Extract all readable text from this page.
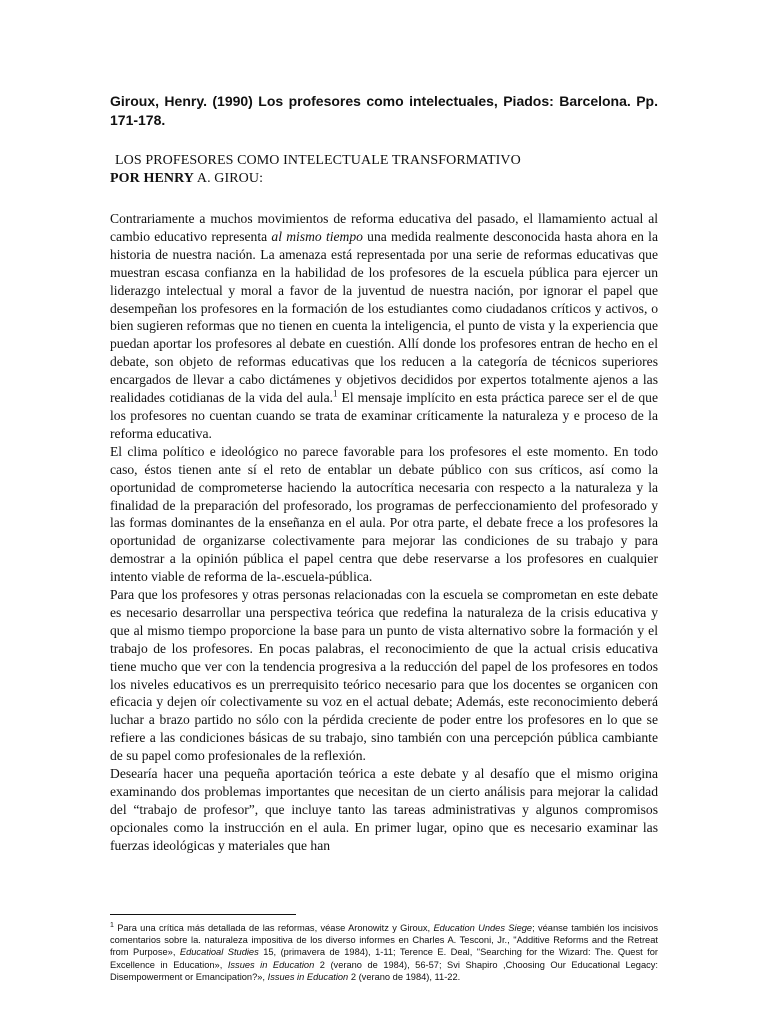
Giroux, Henry. (1990) Los profesores como intelectuales, Piados: Barcelona. Pp. 171-178.

LOS PROFESORES COMO INTELECTUALE TRANSFORMATIVO
POR HENRY A. GIROU:

Contrariamente a muchos movimientos de reforma educativa del pasado, el llamamiento actual al cambio educativo representa al mismo tiempo una medida realmente desconocida hasta ahora en la historia de nuestra nación. La amenaza está representada por una serie de reformas educativas que muestran escasa confianza en la habilidad de los profesores de la escuela pública para ejercer un liderazgo intelectual y moral a favor de la juventud de nuestra nación, por ignorar el papel que desempeñan los profesores en la formación de los estudiantes como ciudadanos críticos y activos, o bien sugieren reformas que no tienen en cuenta la inteligencia, el punto de vista y la experiencia que puedan aportar los profesores al debate en cuestión. Allí donde los profesores entran de hecho en el debate, son objeto de reformas educativas que los reducen a la categoría de técnicos superiores encargados de llevar a cabo dictámenes y objetivos decididos por expertos totalmente ajenos a las realidades cotidianas de la vida del aula.$^1$ El mensaje implícito en esta práctica parece ser el de que los profesores no cuentan cuando se trata de examinar críticamente la naturaleza y e proceso de la reforma educativa.

El clima político e ideológico no parece favorable para los profesores el este momento. En todo caso, éstos tienen ante sí el reto de entablar un debate público con sus críticos, así como la oportunidad de comprometerse haciendo la autocrítica necesaria con respecto a la naturaleza y la finalidad de la preparación del profesorado, los programas de perfeccionamiento del profesorado y las formas dominantes de la enseñanza en el aula. Por otra parte, el debate frece a los profesores la oportunidad de organizarse colectivamente para mejorar las condiciones de su trabajo y para demostrar a la opinión pública el papel centra que debe reservarse a los profesores en cualquier intento viable de reforma de la-.escuela-pública.

Para que los profesores y otras personas relacionadas con la escuela se comprometan en este debate es necesario desarrollar una perspectiva teórica que redefina la naturaleza de la crisis educativa y que al mismo tiempo proporcione la base para un punto de vista alternativo sobre la formación y el trabajo de los profesores. En pocas palabras, el reconocimiento de que la actual crisis educativa tiene mucho que ver con la tendencia progresiva a la reducción del papel de los profesores en todos los niveles educativos es un prerrequisito teórico necesario para que los docentes se organicen con eficacia y dejen oír colectivamente su voz en el actual debate; Además, este reconocimiento deberá luchar a brazo partido no sólo con la pérdida creciente de poder entre los profesores en lo que se refiere a las condiciones básicas de su trabajo, sino también con una percepción pública cambiante de su papel como profesionales de la reflexión.

Desearía hacer una pequeña aportación teórica a este debate y al desafío que el mismo origina examinando dos problemas importantes que necesitan de un cierto análisis para mejorar la calidad del “trabajo de profesor”, que incluye tanto las tareas administrativas y algunos compromisos opcionales como la instrucción en el aula. En primer lugar, opino que es necesario examinar las fuerzas ideológicas y materiales que han

$^1$ Para una crítica más detallada de las reformas, véase Aronowitz y Giroux, Education Undes Siege; véanse también los incisivos comentarios sobre la. naturaleza impositiva de los diverso informes en Charles A. Tesconi, Jr., "Additive Reforms and the Retreat from Purpose», Educatioal Studies 15, (primavera de 1984), 1-11; Terence E. Deal, "Searching for the Wizard: The. Quest for Excellence in Education», Issues in Education 2 (verano de 1984), 56-57; Svi Shapiro ,Choosing Our Educational Legacy: Disempowerment or Emancipation?», Issues in Education 2 (verano de 1984), 11-22.
